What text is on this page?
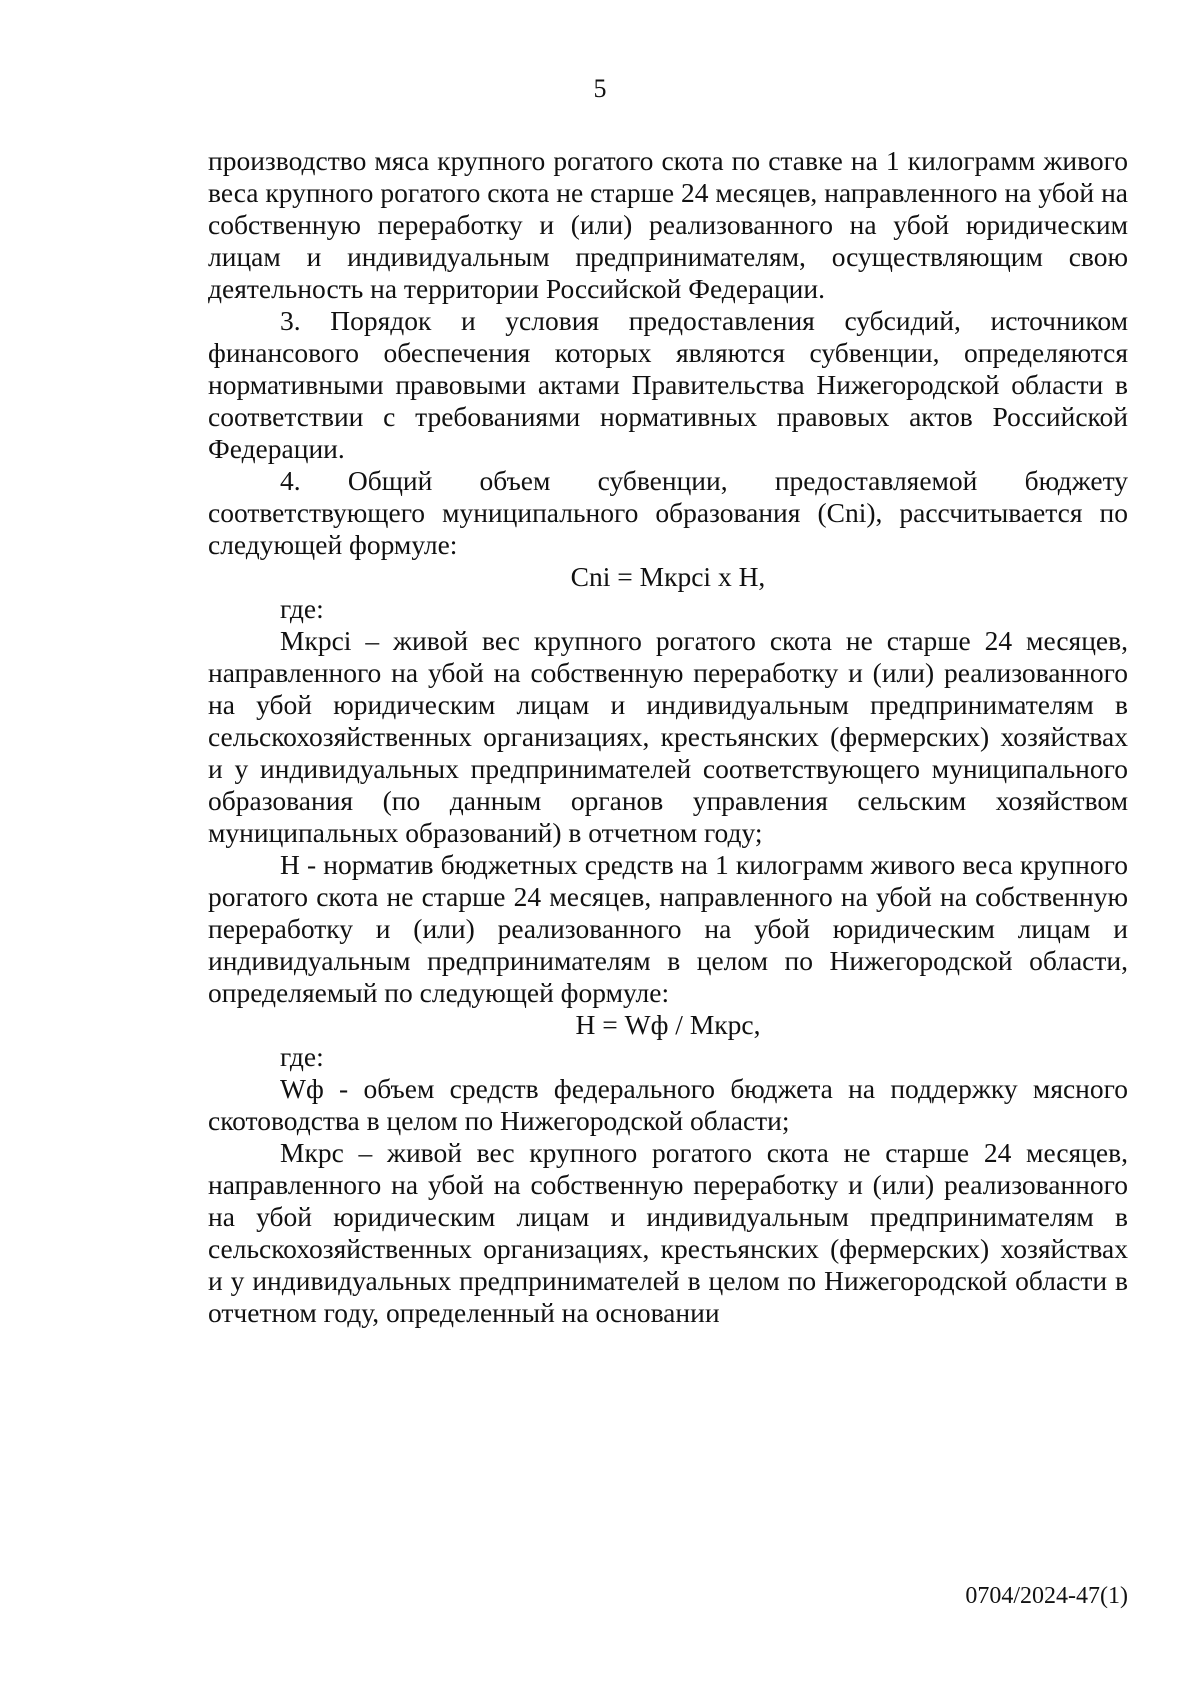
5

производство мяса крупного рогатого скота по ставке на 1 килограмм живого веса крупного рогатого скота не старше 24 месяцев, направленного на убой на собственную переработку и (или) реализованного на убой юридическим лицам и индивидуальным предпринимателям, осуществляющим свою деятельность на территории Российской Федерации.

3. Порядок и условия предоставления субсидий, источником финансового обеспечения которых являются субвенции, определяются нормативными правовыми актами Правительства Нижегородской области в соответствии с требованиями нормативных правовых актов Российской Федерации.

4. Общий объем субвенции, предоставляемой бюджету соответствующего муниципального образования (Cni), рассчитывается по следующей формуле:

Cni = Мкрсi х Н,

где:

Мкрсi – живой вес крупного рогатого скота не старше 24 месяцев, направленного на убой на собственную переработку и (или) реализованного на убой юридическим лицам и индивидуальным предпринимателям в сельскохозяйственных организациях, крестьянских (фермерских) хозяйствах и у индивидуальных предпринимателей соответствующего муниципального образования (по данным органов управления сельским хозяйством муниципальных образований) в отчетном году;

Н - норматив бюджетных средств на 1 килограмм живого веса крупного рогатого скота не старше 24 месяцев, направленного на убой на собственную переработку и (или) реализованного на убой юридическим лицам и индивидуальным предпринимателям в целом по Нижегородской области, определяемый по следующей формуле:

Н = Wф / Мкрс,

где:

Wф - объем средств федерального бюджета на поддержку мясного скотоводства в целом по Нижегородской области;

Мкрс – живой вес крупного рогатого скота не старше 24 месяцев, направленного на убой на собственную переработку и (или) реализованного на убой юридическим лицам и индивидуальным предпринимателям в сельскохозяйственных организациях, крестьянских (фермерских) хозяйствах и у индивидуальных предпринимателей в целом по Нижегородской области в отчетном году, определенный на основании

0704/2024-47(1)
